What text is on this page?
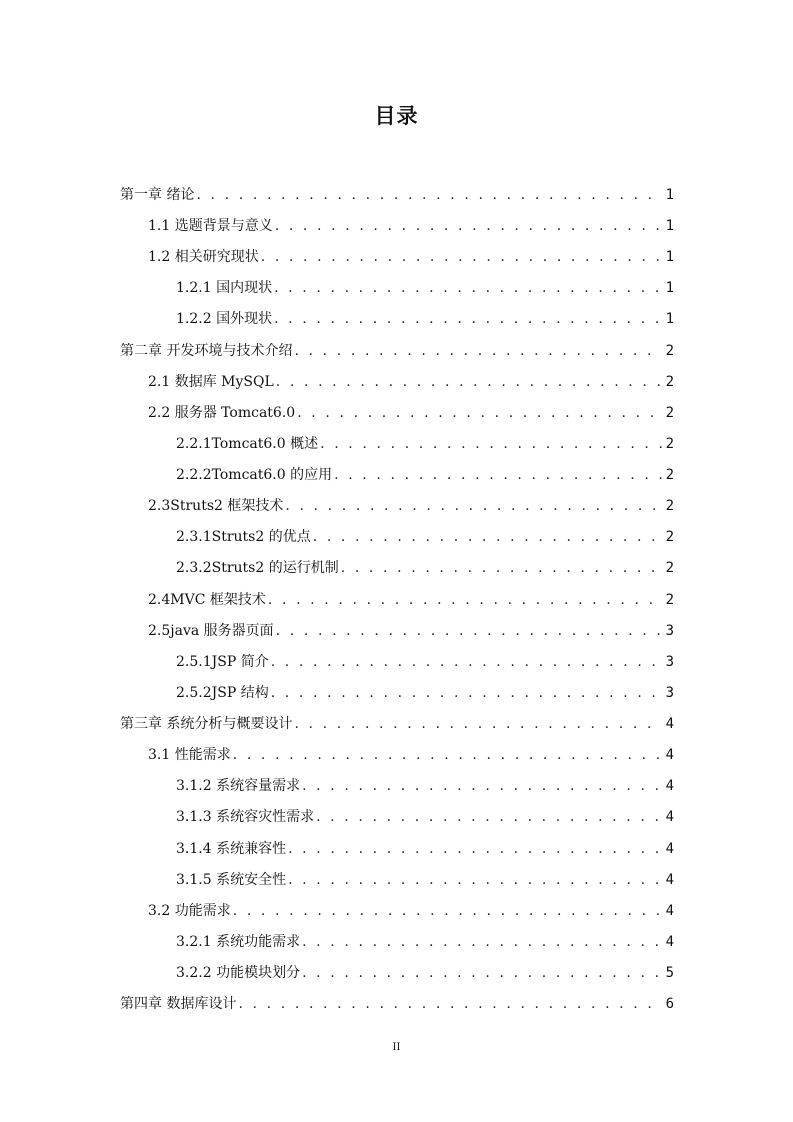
目录
第一章 绪论 . . .	1
1.1 选题背景与意义 . . .	1
1.2 相关研究现状 . . .	1
1.2.1 国内现状 . . .	1
1.2.2 国外现状 . . .	1
第二章 开发环境与技术介绍 . . .	2
2.1 数据库 MySQL . . .	2
2.2 服务器 Tomcat6.0 . . .	2
2.2.1Tomcat6.0 概述 . . .	2
2.2.2Tomcat6.0 的应用 . . .	2
2.3Struts2 框架技术 . . .	2
2.3.1Struts2 的优点 . . .	2
2.3.2Struts2 的运行机制 . . .	2
2.4MVC 框架技术 . . .	2
2.5java 服务器页面 . . .	3
2.5.1JSP 简介 . . .	3
2.5.2JSP 结构 . . .	3
第三章 系统分析与概要设计 . . .	4
3.1 性能需求 . . .	4
3.1.2 系统容量需求 . . .	4
3.1.3 系统容灾性需求 . . .	4
3.1.4 系统兼容性 . . .	4
3.1.5 系统安全性 . . .	4
3.2 功能需求 . . .	4
3.2.1 系统功能需求 . . .	4
3.2.2 功能模块划分 . . .	5
第四章 数据库设计 . . .	6
II
